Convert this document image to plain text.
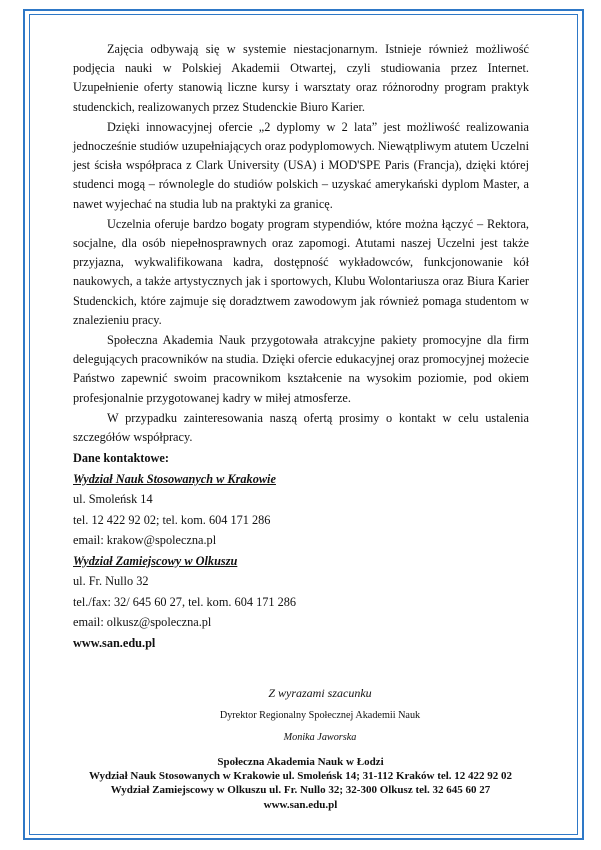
Zajęcia odbywają się w systemie niestacjonarnym. Istnieje również możliwość podjęcia nauki w Polskiej Akademii Otwartej, czyli studiowania przez Internet. Uzupełnienie oferty stanowią liczne kursy i warsztaty oraz różnorodny program praktyk studenckich, realizowanych przez Studenckie Biuro Karier.

Dzięki innowacyjnej ofercie „2 dyplomy w 2 lata” jest możliwość realizowania jednocześnie studiów uzupełniających oraz podyplomowych. Niewątpliwym atutem Uczelni jest ścisła współpraca z Clark University (USA) i MOD'SPE Paris (Francja), dzięki której studenci mogą – równolegle do studiów polskich – uzyskać amerykański dyplom Master, a nawet wyjechać na studia lub na praktyki za granicę.

Uczelnia oferuje bardzo bogaty program stypendiów, które można łączyć – Rektora, socjalne, dla osób niepełnosprawnych oraz zapomogi. Atutami naszej Uczelni jest także przyjazna, wykwalifikowana kadra, dostępność wykładowców, funkcjonowanie kół naukowych, a także artystycznych jak i sportowych, Klubu Wolontariusza oraz Biura Karier Studenckich, które zajmuje się doradztwem zawodowym jak również pomaga studentom w znalezieniu pracy.

Społeczna Akademia Nauk przygotowała atrakcyjne pakiety promocyjne dla firm delegujących pracowników na studia. Dzięki ofercie edukacyjnej oraz promocyjnej możecie Państwo zapewnić swoim pracownikom kształcenie na wysokim poziomie, pod okiem profesjonalnie przygotowanej kadry w miłej atmosferze.

W przypadku zainteresowania naszą ofertą prosimy o kontakt w celu ustalenia szczegółów współpracy.

Dane kontaktowe:

Wydział Nauk Stosowanych w Krakowie

ul. Smoleńsk 14

tel. 12 422 92 02; tel. kom. 604 171 286

email: krakow@spoleczna.pl

Wydział Zamiejscowy w Olkuszu

ul. Fr. Nullo 32

tel./fax: 32/ 645 60 27, tel. kom. 604 171 286

email: olkusz@spoleczna.pl

www.san.edu.pl

Z wyrazami szacunku
Dyrektor Regionalny Społecznej Akademii Nauk
Monika Jaworska
Społeczna Akademia Nauk w Łodzi
Wydział Nauk Stosowanych w Krakowie ul. Smoleńsk 14; 31-112 Kraków tel. 12 422 92 02
Wydział Zamiejscowy w Olkuszu ul. Fr. Nullo 32; 32-300 Olkusz tel. 32 645 60 27
www.san.edu.pl
